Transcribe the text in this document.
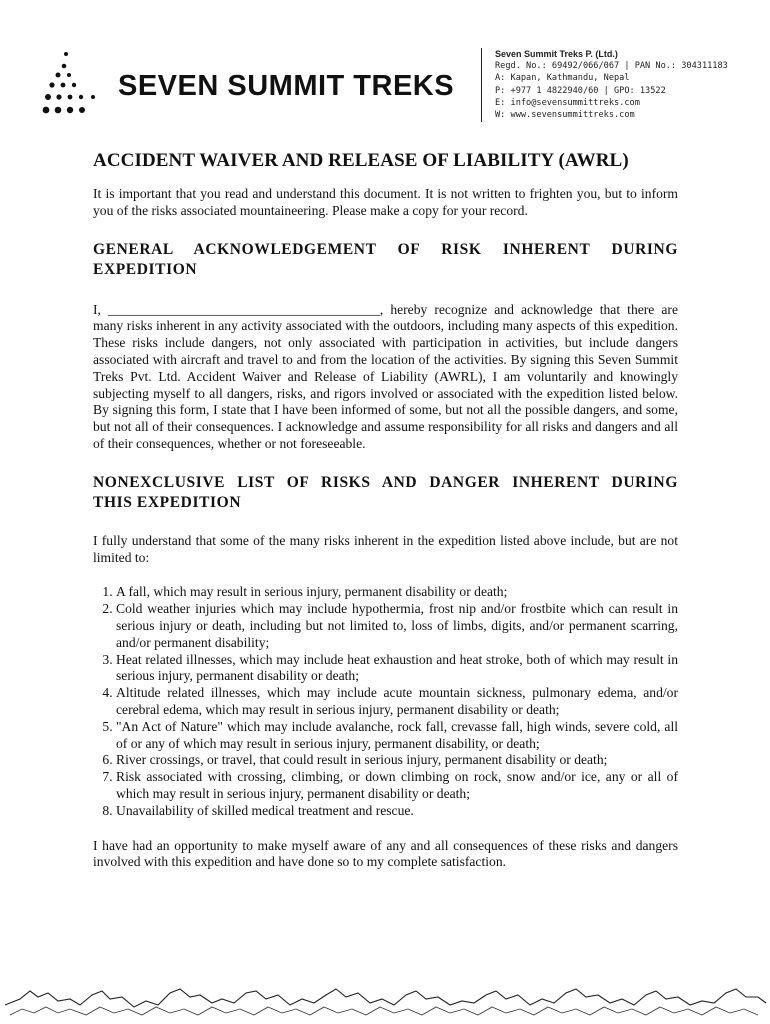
SEVEN SUMMIT TREKS
Seven Summit Treks P. (Ltd.)
Regd. No.: 69492/066/067 | PAN No.: 304311183
A: Kapan, Kathmandu, Nepal
P: +977 1 4822940/60 | GPO: 13522
E: info@sevensummittreks.com
W: www.sevensummittreks.com
ACCIDENT WAIVER AND RELEASE OF LIABILITY (AWRL)

It is important that you read and understand this document. It is not written to frighten you, but to inform you of the risks associated mountaineering. Please make a copy for your record.

GENERAL ACKNOWLEDGEMENT OF RISK INHERENT DURING
EXPEDITION

I, ________________________________________, hereby recognize and acknowledge that there are many risks inherent in any activity associated with the outdoors, including many aspects of this expedition. These risks include dangers, not only associated with participation in activities, but include dangers associated with aircraft and travel to and from the location of the activities. By signing this Seven Summit Treks Pvt. Ltd. Accident Waiver and Release of Liability (AWRL), I am voluntarily and knowingly subjecting myself to all dangers, risks, and rigors involved or associated with the expedition listed below. By signing this form, I state that I have been informed of some, but not all the possible dangers, and some, but not all of their consequences. I acknowledge and assume responsibility for all risks and dangers and all of their consequences, whether or not foreseeable.

NONEXCLUSIVE LIST OF RISKS AND DANGER INHERENT DURING
THIS EXPEDITION

I fully understand that some of the many risks inherent in the expedition listed above include, but are not limited to:

1. A fall, which may result in serious injury, permanent disability or death;
2. Cold weather injuries which may include hypothermia, frost nip and/or frostbite which can result in serious injury or death, including but not limited to, loss of limbs, digits, and/or permanent scarring, and/or permanent disability;
3. Heat related illnesses, which may include heat exhaustion and heat stroke, both of which may result in serious injury, permanent disability or death;
4. Altitude related illnesses, which may include acute mountain sickness, pulmonary edema, and/or cerebral edema, which may result in serious injury, permanent disability or death;
5. "An Act of Nature" which may include avalanche, rock fall, crevasse fall, high winds, severe cold, all of or any of which may result in serious injury, permanent disability, or death;
6. River crossings, or travel, that could result in serious injury, permanent disability or death;
7. Risk associated with crossing, climbing, or down climbing on rock, snow and/or ice, any or all of which may result in serious injury, permanent disability or death;
8. Unavailability of skilled medical treatment and rescue.

I have had an opportunity to make myself aware of any and all consequences of these risks and dangers involved with this expedition and have done so to my complete satisfaction.
